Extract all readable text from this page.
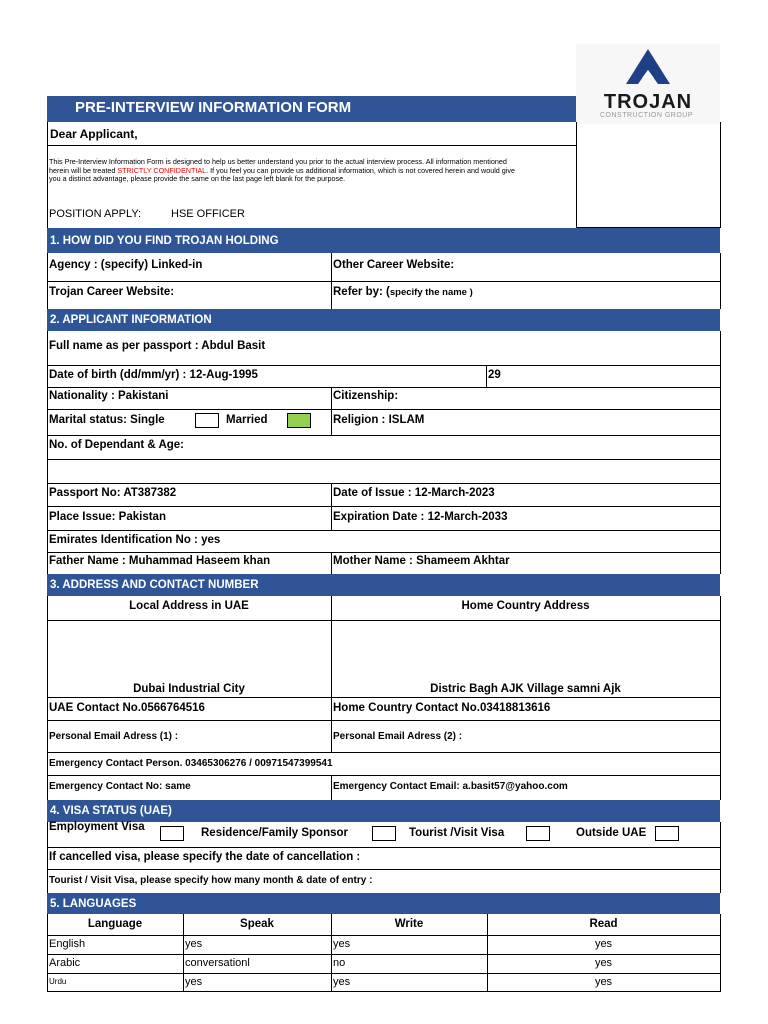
TROJAN
CONSTRUCTION GROUP
PRE-INTERVIEW INFORMATION FORM
Dear Applicant,
This Pre-Interview Information Form is designed to help us better understand you prior to the actual interview process. All information mentioned
herein will be treated STRICTLY CONFIDENTIAL. If you feel you can provide us additional information, which is not covered herein and would give
you a distinct advantage, please provide the same on the last page left blank for the purpose.
POSITION APPLY:	HSE OFFICER
1. HOW DID YOU FIND TROJAN HOLDING
Agency : (specify) Linked-in	Other Career Website:
Trojan Career Website:	Refer by: (specify the name )
2. APPLICANT INFORMATION
Full name as per passport : Abdul Basit
Date of birth (dd/mm/yr) : 12-Aug-1995	29
Nationality : Pakistani	Citizenship:
Marital status: Single	Married	Religion : ISLAM
No. of Dependant & Age:
Passport No: AT387382	Date of Issue : 12-March-2023
Place Issue: Pakistan	Expiration Date : 12-March-2033
Emirates Identification No : yes
Father Name : Muhammad Haseem khan	Mother Name : Shameem Akhtar
3. ADDRESS AND CONTACT NUMBER
Local Address in UAE	Home Country Address
Dubai Industrial City	Distric Bagh AJK Village samni Ajk
UAE Contact No.0566764516	Home Country Contact No.03418813616
Personal Email Adress (1) :	Personal Email Adress (2) :
Emergency Contact Person. 03465306276 / 00971547399541
Emergency Contact No: same	Emergency Contact Email: a.basit57@yahoo.com
4. VISA STATUS (UAE)
Employment Visa	Residence/Family Sponsor	Tourist /Visit Visa	Outside UAE
If cancelled visa, please specify the date of cancellation :
Tourist / Visit Visa, please specify how many month & date of entry :
5. LANGUAGES
Language	Speak	Write	Read
English	yes	yes	yes
Arabic	conversationl	no	yes
Urdu	yes	yes	yes
